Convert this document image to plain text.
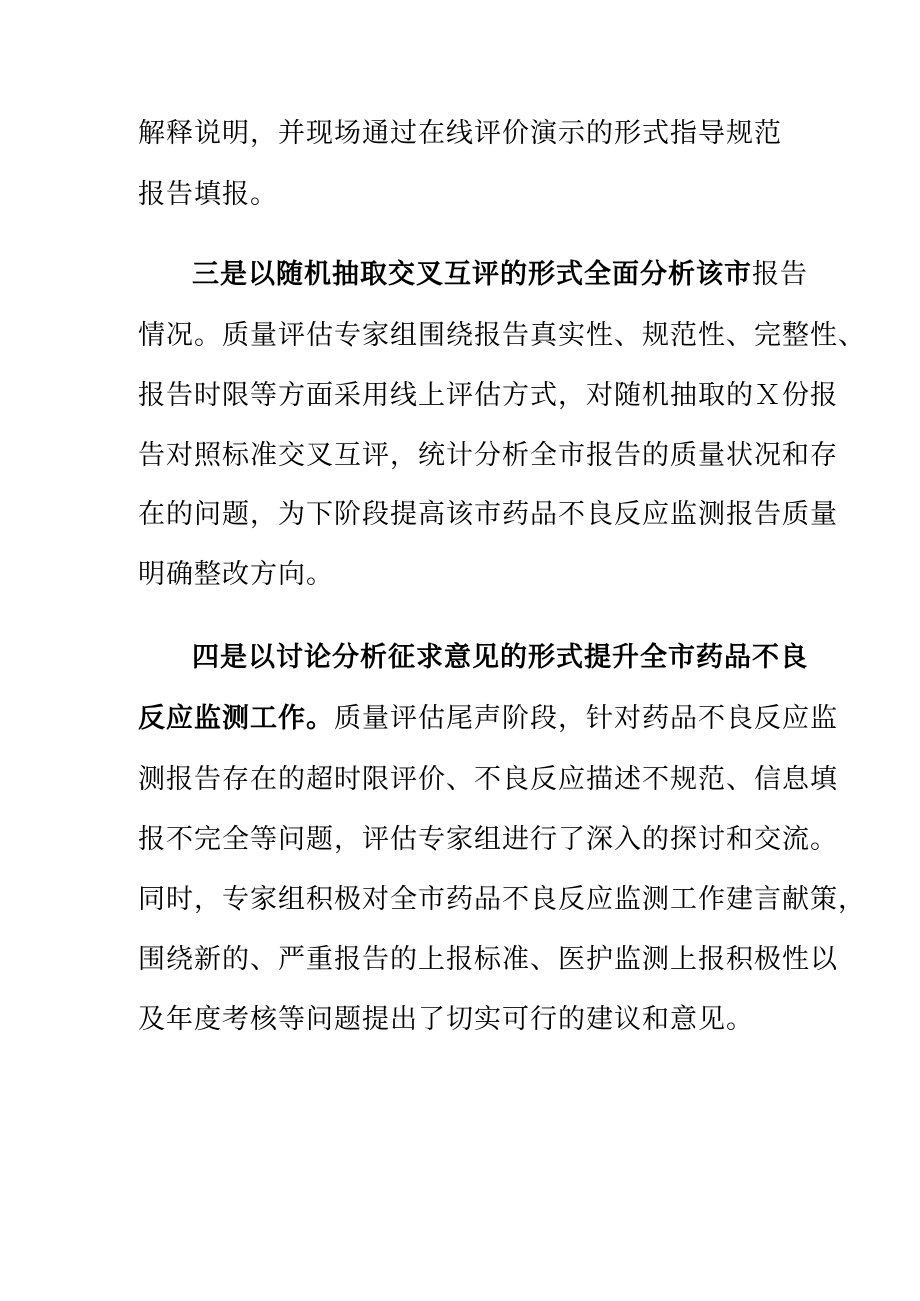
解释说明，并现场通过在线评价演示的形式指导规范
报告填报。
三是以随机抽取交叉互评的形式全面分析该市报告
情况。质量评估专家组围绕报告真实性、规范性、完整性、
报告时限等方面采用线上评估方式，对随机抽取的Ｘ份报
告对照标准交叉互评，统计分析全市报告的质量状况和存
在的问题，为下阶段提高该市药品不良反应监测报告质量
明确整改方向。
四是以讨论分析征求意见的形式提升全市药品不良
反应监测工作。质量评估尾声阶段，针对药品不良反应监
测报告存在的超时限评价、不良反应描述不规范、信息填
报不完全等问题，评估专家组进行了深入的探讨和交流。
同时，专家组积极对全市药品不良反应监测工作建言献策，
围绕新的、严重报告的上报标准、医护监测上报积极性以
及年度考核等问题提出了切实可行的建议和意见。
